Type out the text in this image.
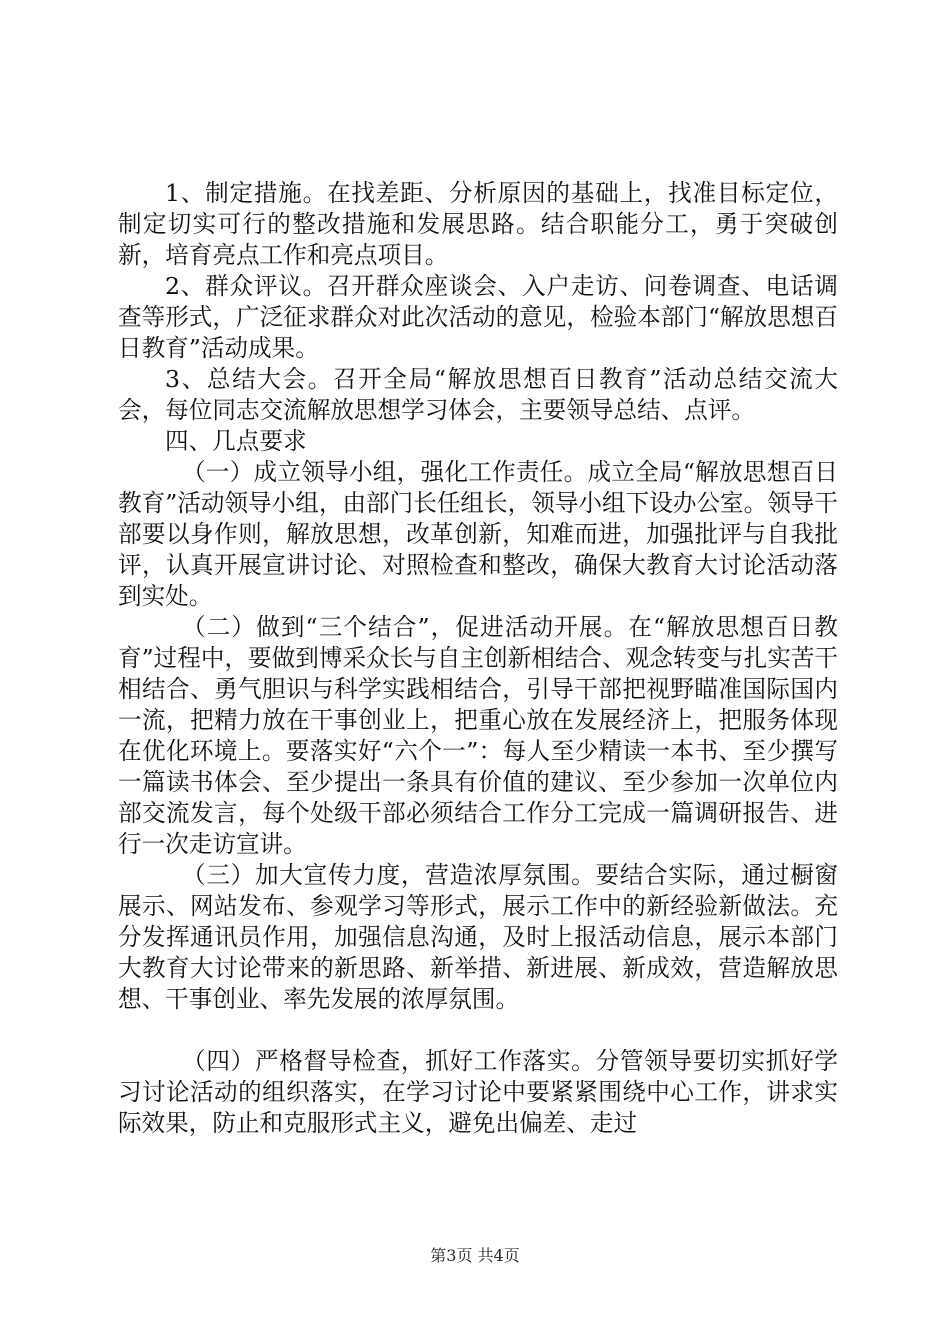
1、制定措施。在找差距、分析原因的基础上，找准目标定位，制定切实可行的整改措施和发展思路。结合职能分工，勇于突破创新，培育亮点工作和亮点项目。

2、群众评议。召开群众座谈会、入户走访、问卷调查、电话调查等形式，广泛征求群众对此次活动的意见，检验本部门“解放思想百日教育”活动成果。

3、总结大会。召开全局“解放思想百日教育”活动总结交流大会，每位同志交流解放思想学习体会，主要领导总结、点评。

四、几点要求

（一）成立领导小组，强化工作责任。成立全局“解放思想百日教育”活动领导小组，由部门长任组长，领导小组下设办公室。领导干部要以身作则，解放思想，改革创新，知难而进，加强批评与自我批评，认真开展宣讲讨论、对照检查和整改，确保大教育大讨论活动落到实处。

（二）做到“三个结合”，促进活动开展。在“解放思想百日教育”过程中，要做到博采众长与自主创新相结合、观念转变与扎实苦干相结合、勇气胆识与科学实践相结合，引导干部把视野瞄准国际国内一流，把精力放在干事创业上，把重心放在发展经济上，把服务体现在优化环境上。要落实好“六个一”：每人至少精读一本书、至少撰写一篇读书体会、至少提出一条具有价值的建议、至少参加一次单位内部交流发言，每个处级干部必须结合工作分工完成一篇调研报告、进行一次走访宣讲。

（三）加大宣传力度，营造浓厚氛围。要结合实际，通过橱窗展示、网站发布、参观学习等形式，展示工作中的新经验新做法。充分发挥通讯员作用，加强信息沟通，及时上报活动信息，展示本部门大教育大讨论带来的新思路、新举措、新进展、新成效，营造解放思想、干事创业、率先发展的浓厚氛围。

（四）严格督导检查，抓好工作落实。分管领导要切实抓好学习讨论活动的组织落实，在学习讨论中要紧紧围绕中心工作，讲求实际效果，防止和克服形式主义，避免出偏差、走过

第3页 共4页
